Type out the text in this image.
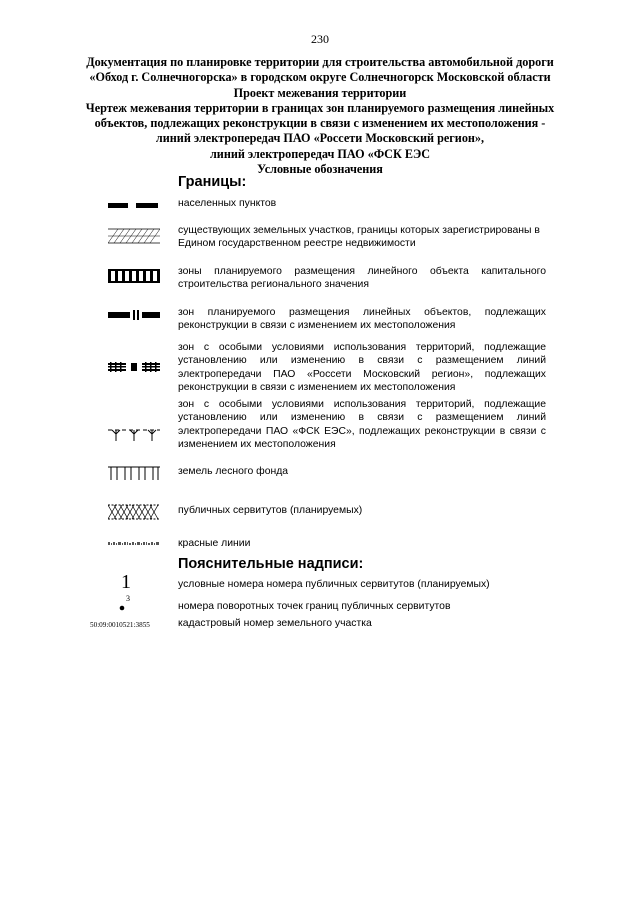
230
Документация по планировке территории для строительства автомобильной дороги
«Обход г. Солнечногорска» в городском округе Солнечногорск Московской области
Проект межевания территории
Чертеж межевания территории в границах зон планируемого размещения линейных
объектов, подлежащих реконструкции в связи с изменением их местоположения -
линий электропередач ПАО «Россети Московский регион»,
линий электропередач ПАО «ФСК ЕЭС
Условные обозначения
Границы:
населенных пунктов
существующих земельных участков, границы которых зарегистрированы в Едином государственном реестре недвижимости
зоны планируемого размещения линейного объекта капитального строительства регионального значения
зон планируемого размещения линейных объектов, подлежащих реконструкции в связи с изменением их местоположения
зон с особыми условиями использования территорий, подлежащие установлению или изменению в связи с размещением линий электропередачи ПАО «Россети Московский регион», подлежащих реконструкции в связи с изменением их местоположения
зон с особыми условиями использования территорий, подлежащие установлению или изменению в связи с размещением линий электропередачи ПАО «ФСК ЕЭС», подлежащих реконструкции в связи с изменением их местоположения
земель лесного фонда
публичных сервитутов (планируемых)
красные линии
Пояснительные надписи:
1	условные номера номера публичных сервитутов (планируемых)
3
номера поворотных точек границ публичных сервитутов
50:09:0010521:3855	кадастровый номер земельного участка
